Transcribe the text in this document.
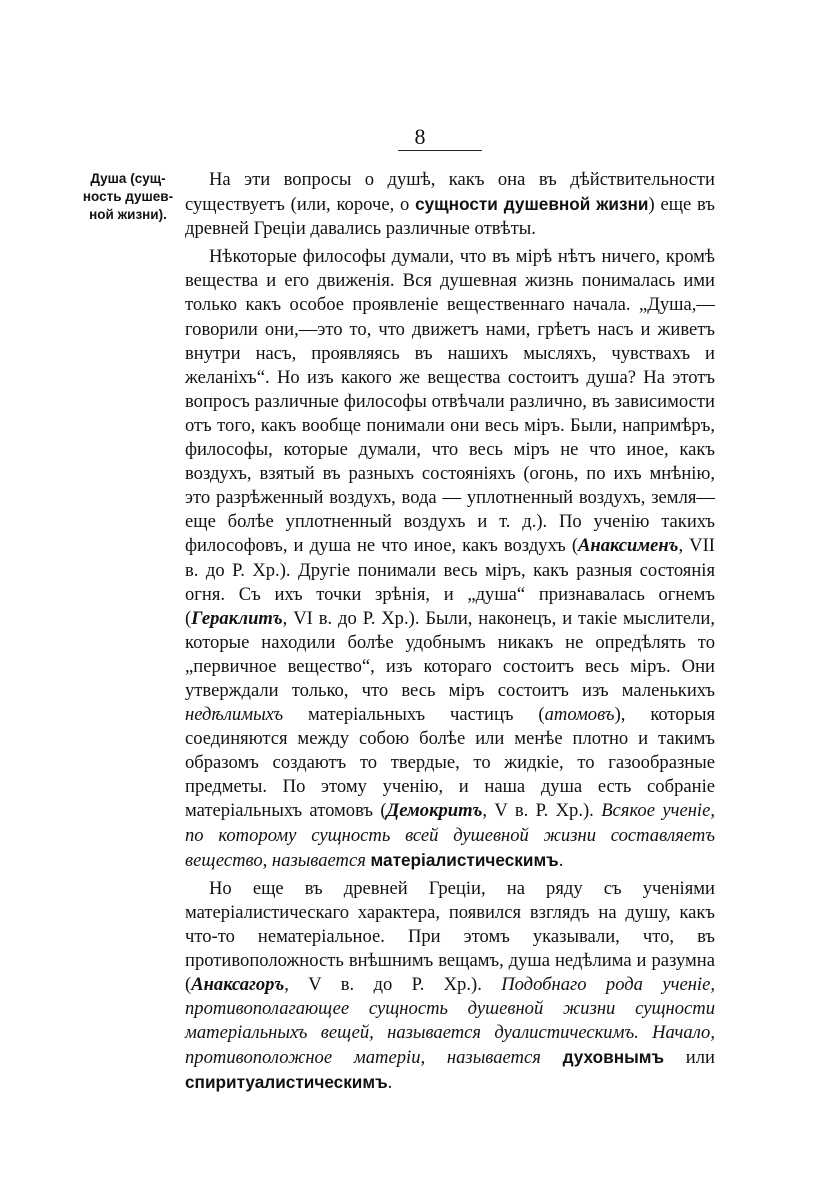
8
Душа (сущ-ность душев-ной жизни).

На эти вопросы о душѣ, какъ она въ дѣйствительности существуетъ (или, короче, о сущности душевной жизни) еще въ древней Греціи давались различные отвѣты.

Нѣкоторые философы думали, что въ мірѣ нѣтъ ничего, кромѣ вещества и его движенія. Вся душевная жизнь понималась ими только какъ особое проявленіе вещественнаго начала. „Душа,—говорили они,—это то, что движетъ нами, грѣетъ насъ и живетъ внутри насъ, проявляясь въ нашихъ мысляхъ, чувствахъ и желаніхъ“. Но изъ какого же вещества состоитъ душа? На этотъ вопросъ различные философы отвѣчали различно, въ зависимости отъ того, какъ вообще понимали они весь міръ. Были, напримѣръ, философы, которые думали, что весь міръ не что иное, какъ воздухъ, взятый въ разныхъ состояніяхъ (огонь, по ихъ мнѣнію, это разрѣженный воздухъ, вода — уплотненный воздухъ, земля—еще болѣе уплотненный воздухъ и т. д.). По ученію такихъ философовъ, и душа не что иное, какъ воздухъ (Анаксименъ, VII в. до Р. Хр.). Другіе понимали весь міръ, какъ разныя состоянія огня. Съ ихъ точки зрѣнія, и „душа“ признавалась огнемъ (Гераклитъ, VI в. до Р. Хр.). Были, наконецъ, и такіе мыслители, которые находили болѣе удобнымъ никакъ не опредѣлять то „первичное вещество“, изъ котораго состоитъ весь міръ. Они утверждали только, что весь міръ состоитъ изъ маленькихъ недѣлимыхъ матеріальныхъ частицъ (атомовъ), которыя соединяются между собою болѣе или менѣе плотно и такимъ образомъ создаютъ то твердые, то жидкіе, то газообразные предметы. По этому ученію, и наша душа есть собраніе матеріальныхъ атомовъ (Демокритъ, V в. Р. Хр.). Всякое ученіе, по которому сущность всей душевной жизни составляетъ вещество, называется матеріалистическимъ.

Но еще въ древней Греціи, на ряду съ ученіями матеріалистическаго характера, появился взглядъ на душу, какъ что-то нематеріальное. При этомъ указывали, что, въ противоположность внѣшнимъ вещамъ, душа недѣлима и разумна (Анаксагоръ, V в. до Р. Хр.). Подобнаго рода ученіе, противополагающее сущность душевной жизни сущности матеріальныхъ вещей, называется дуалистическимъ. Начало, противоположное матеріи, называется духовнымъ или спиритуалистическимъ.
